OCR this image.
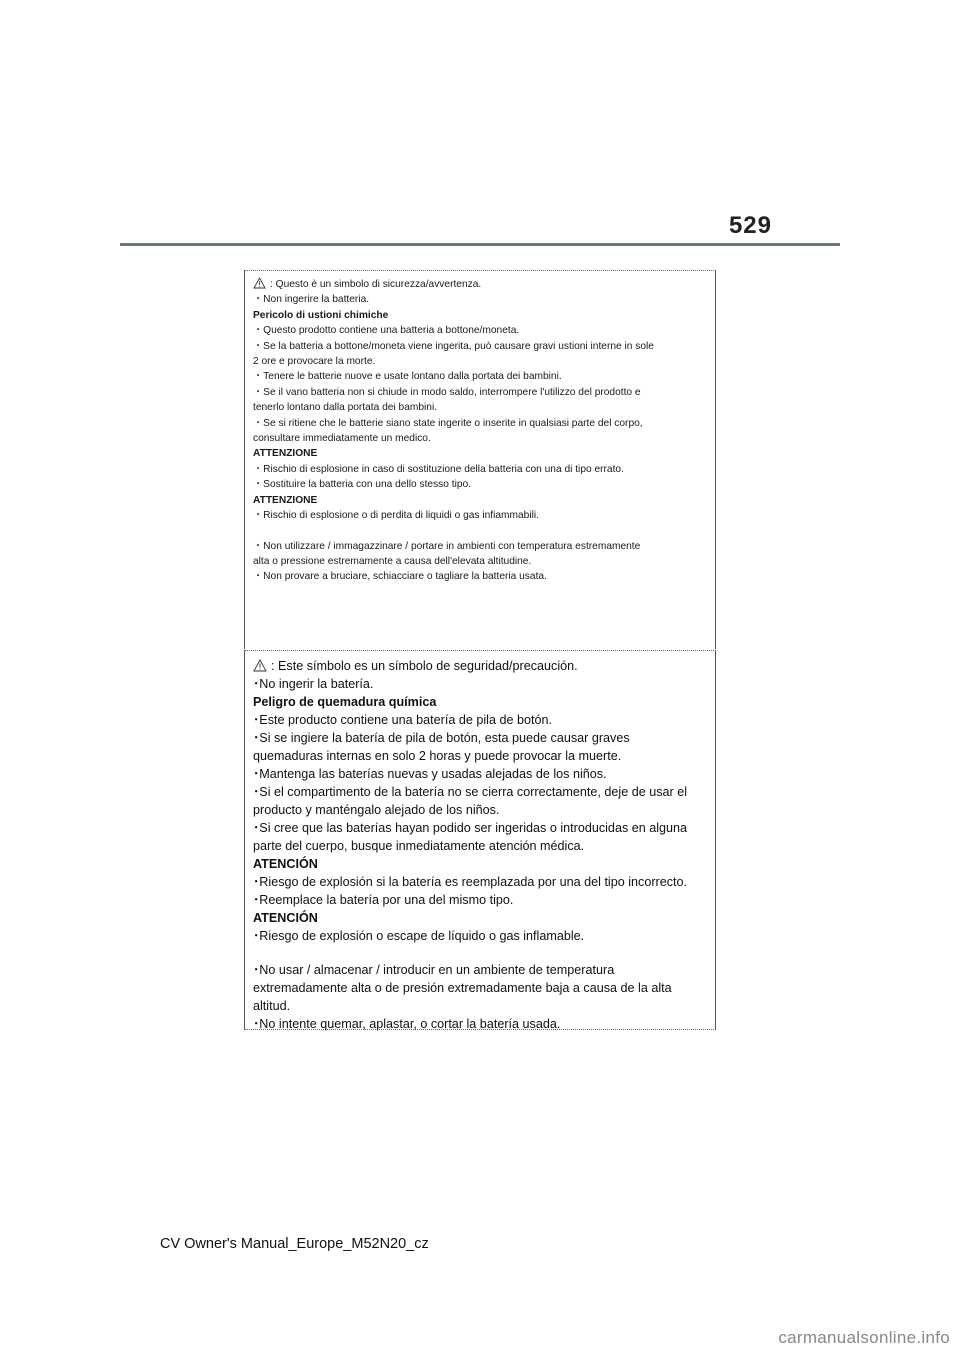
529
: Questo è un simbolo di sicurezza/avvertenza.
・Non ingerire la batteria.
Pericolo di ustioni chimiche
・Questo prodotto contiene una batteria a bottone/moneta.
・Se la batteria a bottone/moneta viene ingerita, può causare gravi ustioni interne in sole
2 ore e provocare la morte.
・Tenere le batterie nuove e usate lontano dalla portata dei bambini.
・Se il vano batteria non si chiude in modo saldo, interrompere l'utilizzo del prodotto e
tenerlo lontano dalla portata dei bambini.
・Se si ritiene che le batterie siano state ingerite o inserite in qualsiasi parte del corpo,
consultare immediatamente un medico.
ATTENZIONE
・Rischio di esplosione in caso di sostituzione della batteria con una di tipo errato.
・Sostituire la batteria con una dello stesso tipo.
ATTENZIONE
・Rischio di esplosione o di perdita di liquidi o gas infiammabili.
・Non utilizzare / immagazzinare / portare in ambienti con temperatura estremamente
alta o pressione estremamente a causa dell'elevata altitudine.
・Non provare a bruciare, schiacciare o tagliare la batteria usata.
: Este símbolo es un símbolo de seguridad/precaución.
･No ingerir la batería.
Peligro de quemadura química
･Este producto contiene una batería de pila de botón.
･Si se ingiere la batería de pila de botón, esta puede causar graves
quemaduras internas en solo 2 horas y puede provocar la muerte.
･Mantenga las baterías nuevas y usadas alejadas de los niños.
･Si el compartimento de la batería no se cierra correctamente, deje de usar el
producto y manténgalo alejado de los niños.
･Si cree que las baterías hayan podido ser ingeridas o introducidas en alguna
parte del cuerpo, busque inmediatamente atención médica.
ATENCIÓN
･Riesgo de explosión si la batería es reemplazada por una del tipo incorrecto.
･Reemplace la batería por una del mismo tipo.
ATENCIÓN
･Riesgo de explosión o escape de líquido o gas inflamable.
･No usar / almacenar / introducir en un ambiente de temperatura
extremadamente alta o de presión extremadamente baja a causa de la alta
altitud.
･No intente quemar, aplastar, o cortar la batería usada.
CV Owner's Manual_Europe_M52N20_cz
carmanualsonline.info
